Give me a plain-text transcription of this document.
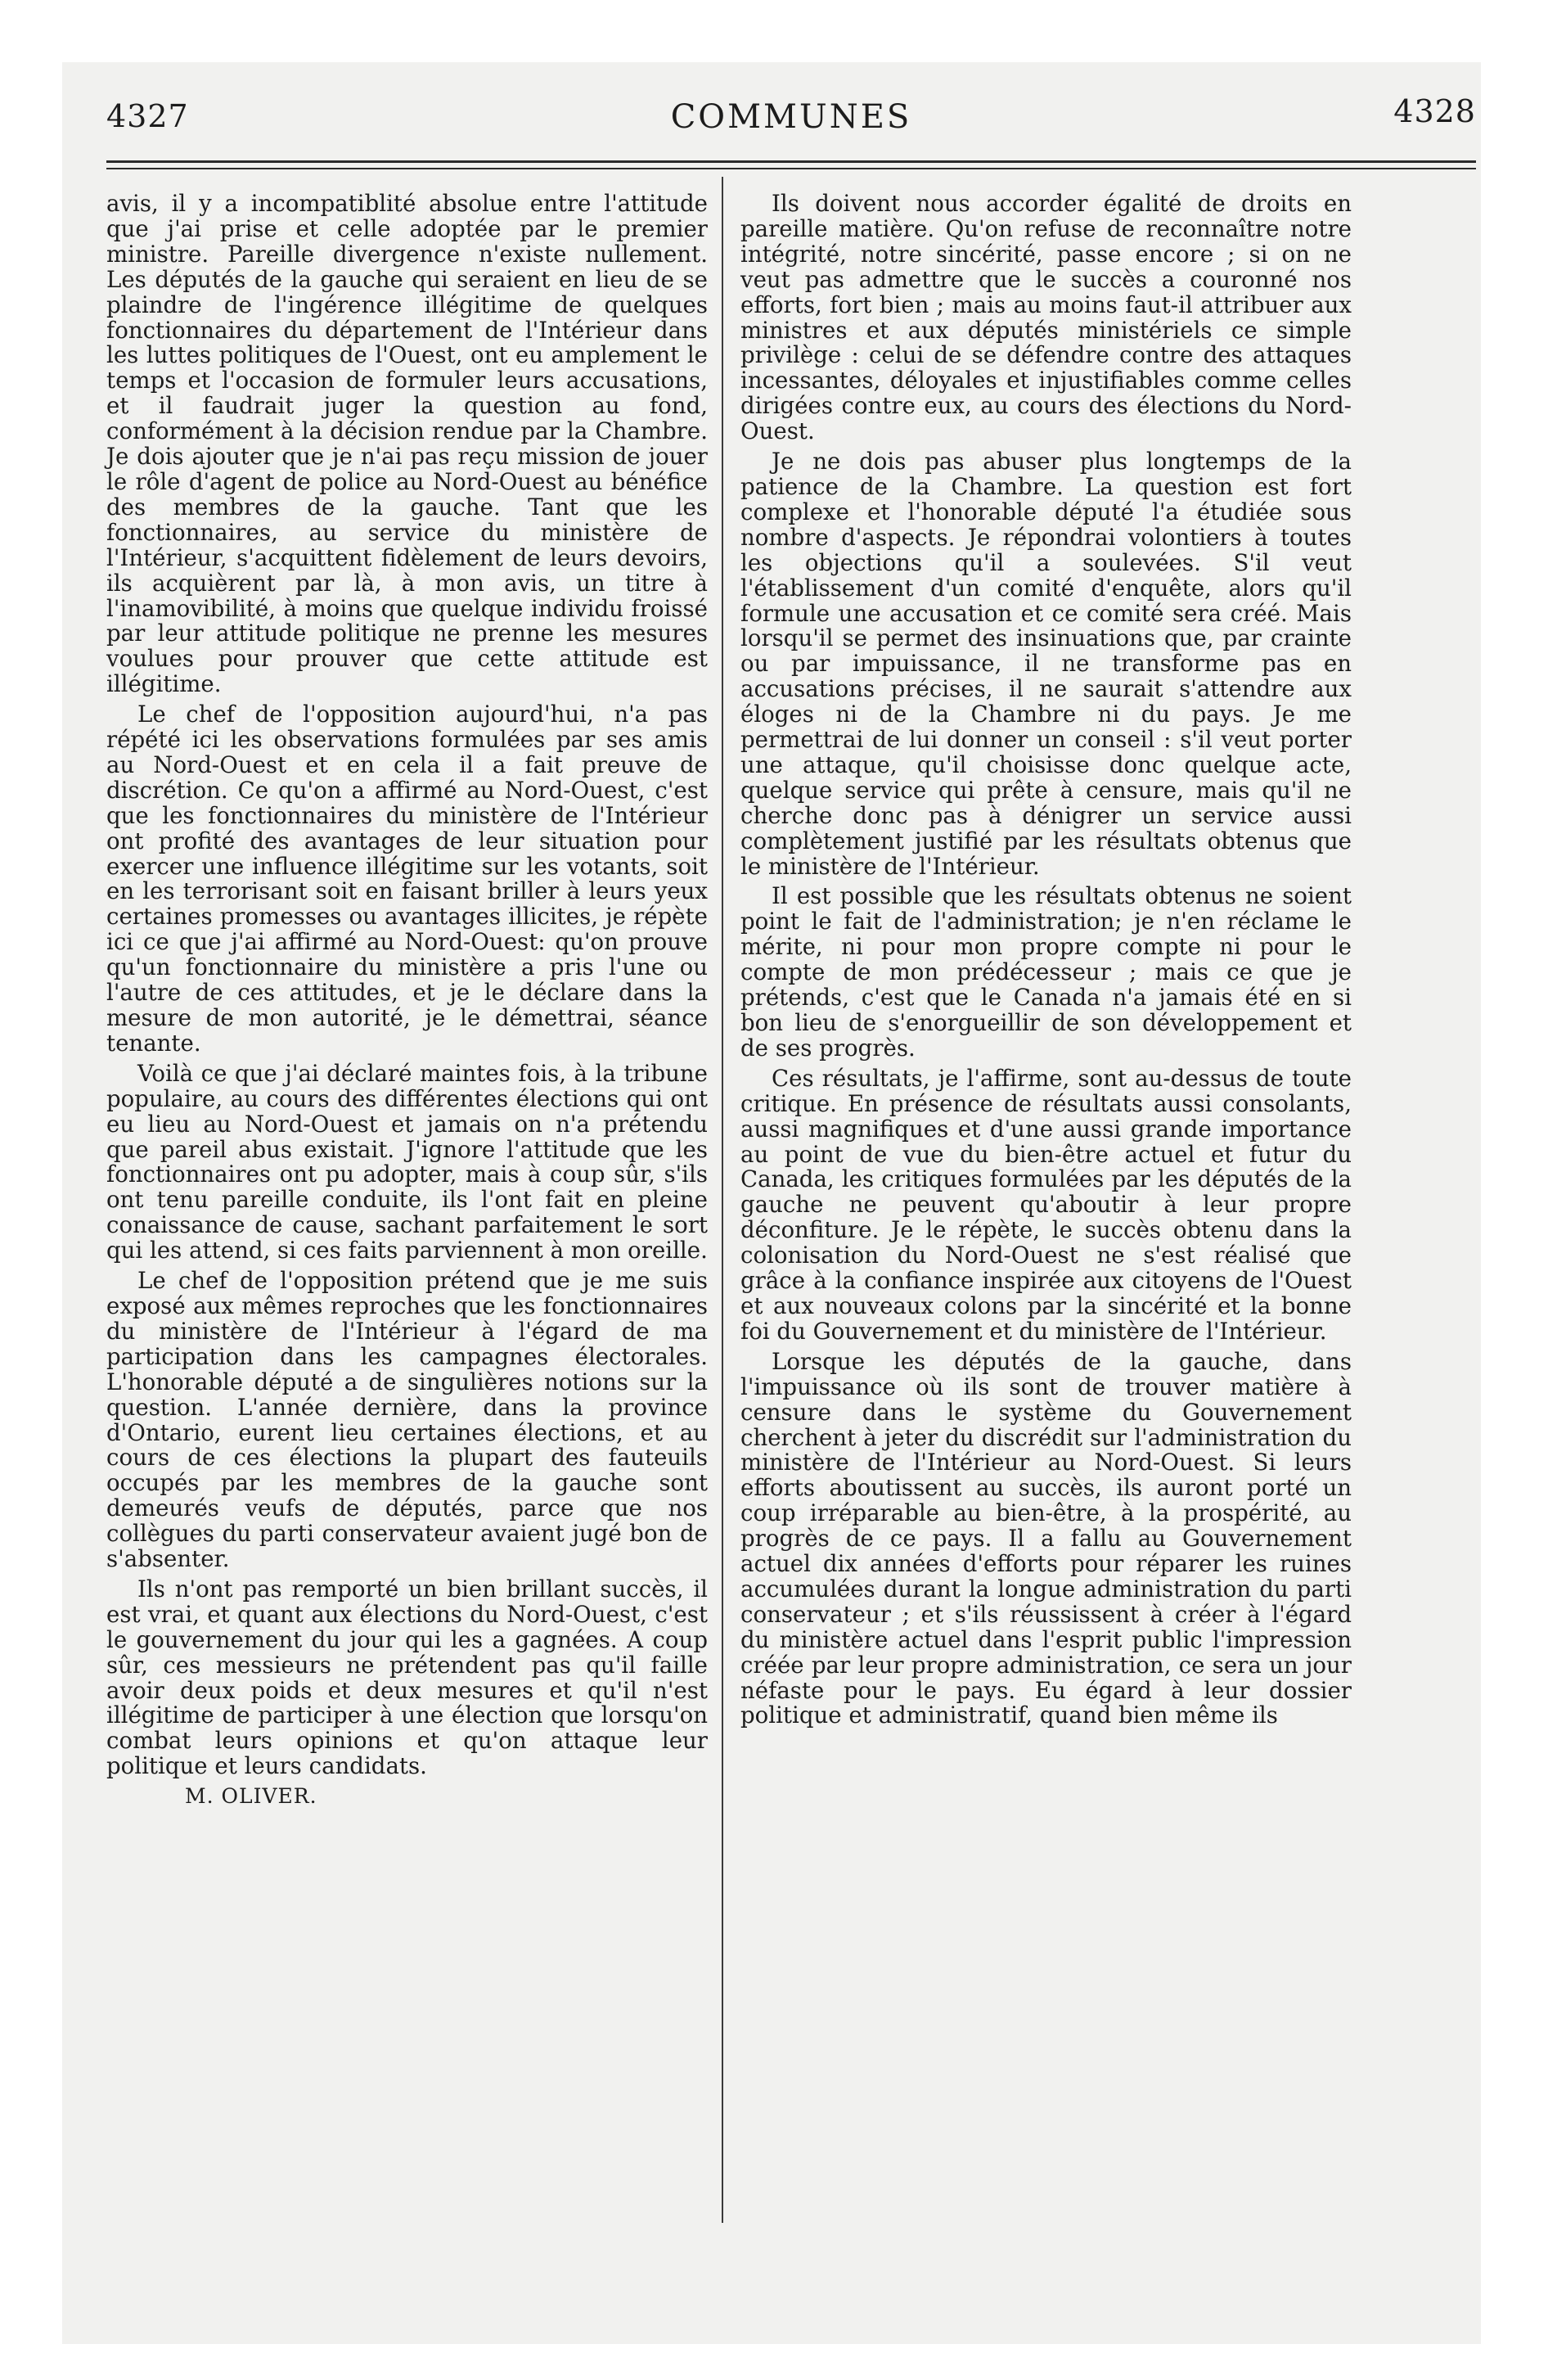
4327	COMMUNES	4328

avis, il y a incompatiblité absolue entre l'attitude que j'ai prise et celle adoptée par le premier ministre. Pareille divergence n'existe nullement. Les députés de la gauche qui seraient en lieu de se plaindre de l'ingérence illégitime de quelques fonctionnaires du département de l'Intérieur dans les luttes politiques de l'Ouest, ont eu amplement le temps et l'occasion de formuler leurs accusations, et il faudrait juger la question au fond, conformément à la décision rendue par la Chambre. Je dois ajouter que je n'ai pas reçu mission de jouer le rôle d'agent de police au Nord-Ouest au bénéfice des membres de la gauche. Tant que les fonctionnaires, au service du ministère de l'Intérieur, s'acquittent fidèlement de leurs devoirs, ils acquièrent par là, à mon avis, un titre à l'inamovibilité, à moins que quelque individu froissé par leur attitude politique ne prenne les mesures voulues pour prouver que cette attitude est illégitime.

Le chef de l'opposition aujourd'hui, n'a pas répété ici les observations formulées par ses amis au Nord-Ouest et en cela il a fait preuve de discrétion. Ce qu'on a affirmé au Nord-Ouest, c'est que les fonctionnaires du ministère de l'Intérieur ont profité des avantages de leur situation pour exercer une influence illégitime sur les votants, soit en les terrorisant soit en faisant briller à leurs yeux certaines promesses ou avantages illicites, je répète ici ce que j'ai affirmé au Nord-Ouest: qu'on prouve qu'un fonctionnaire du ministère a pris l'une ou l'autre de ces attitudes, et je le déclare dans la mesure de mon autorité, je le démettrai, séance tenante.

Voilà ce que j'ai déclaré maintes fois, à la tribune populaire, au cours des différentes élections qui ont eu lieu au Nord-Ouest et jamais on n'a prétendu que pareil abus existait. J'ignore l'attitude que les fonctionnaires ont pu adopter, mais à coup sûr, s'ils ont tenu pareille conduite, ils l'ont fait en pleine conaissance de cause, sachant parfaitement le sort qui les attend, si ces faits parviennent à mon oreille.

Le chef de l'opposition prétend que je me suis exposé aux mêmes reproches que les fonctionnaires du ministère de l'Intérieur à l'égard de ma participation dans les campagnes électorales. L'honorable député a de singulières notions sur la question. L'année dernière, dans la province d'Ontario, eurent lieu certaines élections, et au cours de ces élections la plupart des fauteuils occupés par les membres de la gauche sont demeurés veufs de députés, parce que nos collègues du parti conservateur avaient jugé bon de s'absenter.

Ils n'ont pas remporté un bien brillant succès, il est vrai, et quant aux élections du Nord-Ouest, c'est le gouvernement du jour qui les a gagnées. A coup sûr, ces messieurs ne prétendent pas qu'il faille avoir deux poids et deux mesures et qu'il n'est illégitime de participer à une élection que lorsqu'on combat leurs opinions et qu'on attaque leur politique et leurs candidats.

M. OLIVER.

Ils doivent nous accorder égalité de droits en pareille matière. Qu'on refuse de reconnaître notre intégrité, notre sincérité, passe encore ; si on ne veut pas admettre que le succès a couronné nos efforts, fort bien ; mais au moins faut-il attribuer aux ministres et aux députés ministériels ce simple privilège : celui de se défendre contre des attaques incessantes, déloyales et injustifiables comme celles dirigées contre eux, au cours des élections du Nord-Ouest.

Je ne dois pas abuser plus longtemps de la patience de la Chambre. La question est fort complexe et l'honorable député l'a étudiée sous nombre d'aspects. Je répondrai volontiers à toutes les objections qu'il a soulevées. S'il veut l'établissement d'un comité d'enquête, alors qu'il formule une accusation et ce comité sera créé. Mais lorsqu'il se permet des insinuations que, par crainte ou par impuissance, il ne transforme pas en accusations précises, il ne saurait s'attendre aux éloges ni de la Chambre ni du pays. Je me permettrai de lui donner un conseil : s'il veut porter une attaque, qu'il choisisse donc quelque acte, quelque service qui prête à censure, mais qu'il ne cherche donc pas à dénigrer un service aussi complètement justifié par les résultats obtenus que le ministère de l'Intérieur.

Il est possible que les résultats obtenus ne soient point le fait de l'administration; je n'en réclame le mérite, ni pour mon propre compte ni pour le compte de mon prédécesseur ; mais ce que je prétends, c'est que le Canada n'a jamais été en si bon lieu de s'enorgueillir de son développement et de ses progrès.

Ces résultats, je l'affirme, sont au-dessus de toute critique. En présence de résultats aussi consolants, aussi magnifiques et d'une aussi grande importance au point de vue du bien-être actuel et futur du Canada, les critiques formulées par les députés de la gauche ne peuvent qu'aboutir à leur propre déconfiture. Je le répète, le succès obtenu dans la colonisation du Nord-Ouest ne s'est réalisé que grâce à la confiance inspirée aux citoyens de l'Ouest et aux nouveaux colons par la sincérité et la bonne foi du Gouvernement et du ministère de l'Intérieur.

Lorsque les députés de la gauche, dans l'impuissance où ils sont de trouver matière à censure dans le système du Gouvernement cherchent à jeter du discrédit sur l'administration du ministère de l'Intérieur au Nord-Ouest. Si leurs efforts aboutissent au succès, ils auront porté un coup irréparable au bien-être, à la prospérité, au progrès de ce pays. Il a fallu au Gouvernement actuel dix années d'efforts pour réparer les ruines accumulées durant la longue administration du parti conservateur ; et s'ils réussissent à créer à l'égard du ministère actuel dans l'esprit public l'impression créée par leur propre administration, ce sera un jour néfaste pour le pays. Eu égard à leur dossier politique et administratif, quand bien même ils
